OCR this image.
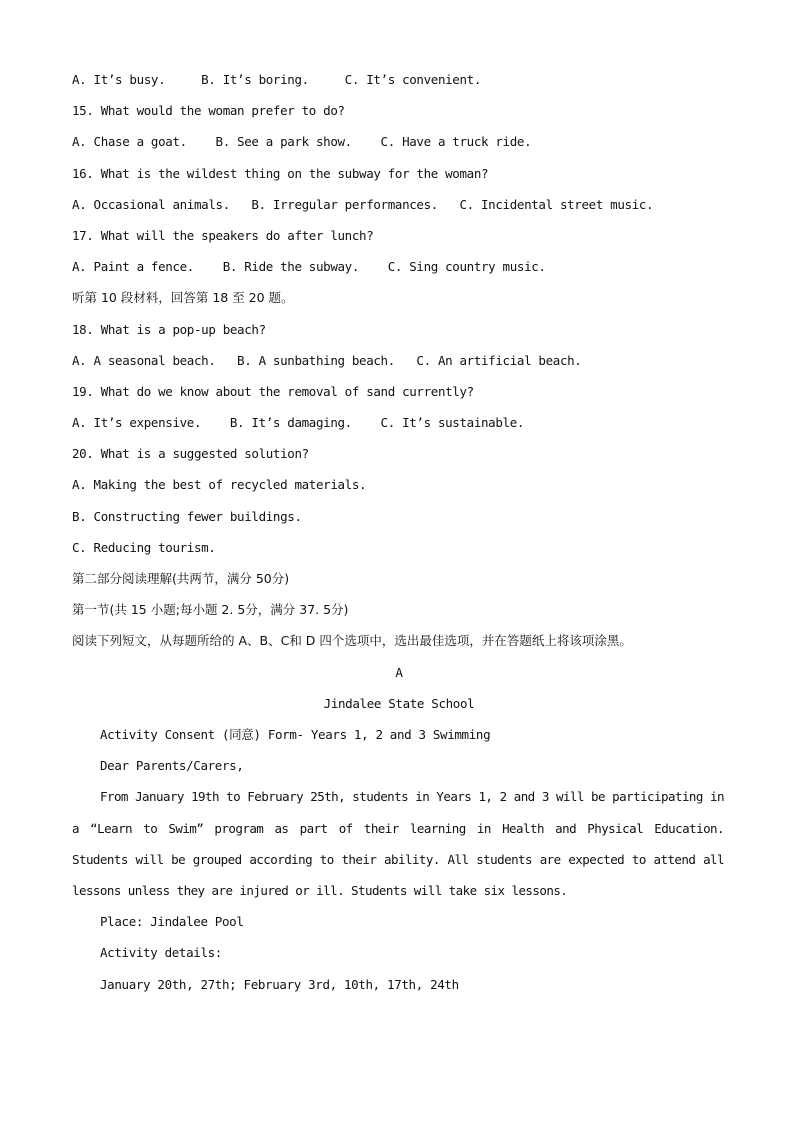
A. It’s busy.     B. It’s boring.     C. It’s convenient.
15. What would the woman prefer to do?
A. Chase a goat.    B. See a park show.    C. Have a truck ride.
16. What is the wildest thing on the subway for the woman?
A. Occasional animals.   B. Irregular performances.   C. Incidental street music.
17. What will the speakers do after lunch?
A. Paint a fence.    B. Ride the subway.    C. Sing country music.
听第 10 段材料，回答第 18 至 20 题。
18. What is a pop-up beach?
A. A seasonal beach.   B. A sunbathing beach.   C. An artificial beach.
19. What do we know about the removal of sand currently?
A. It’s expensive.    B. It’s damaging.    C. It’s sustainable.
20. What is a suggested solution?
A. Making the best of recycled materials.
B. Constructing fewer buildings.
C. Reducing tourism.
第二部分阅读理解(共两节，满分 50分)
第一节(共 15 小题;每小题 2. 5分，满分 37. 5分)
阅读下列短文，从每题所给的 A、B、C和 D 四个选项中，选出最佳选项，并在答题纸上将该项涂黑。
A
Jindalee State School
Activity Consent (同意) Form- Years 1, 2 and 3 Swimming
Dear Parents/Carers,
From January 19th to February 25th, students in Years 1, 2 and 3 will be participating in a “Learn to Swim” program as part of their learning in Health and Physical Education. Students will be grouped according to their ability. All students are expected to attend all lessons unless they are injured or ill. Students will take six lessons.
Place: Jindalee Pool
Activity details:
January 20th, 27th; February 3rd, 10th, 17th, 24th
